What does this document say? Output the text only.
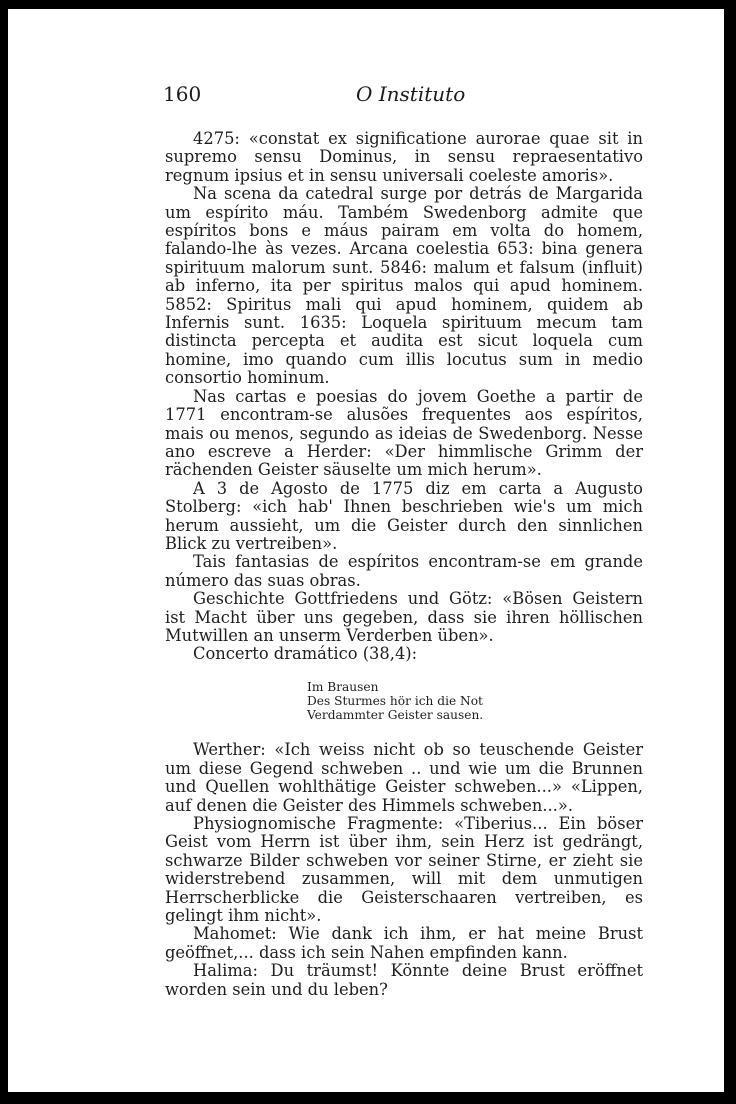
160	O Instituto

4275: «constat ex significatione aurorae quae sit in supremo sensu Dominus, in sensu repraesentativo regnum ipsius et in sensu universali coeleste amoris».

Na scena da catedral surge por detrás de Margarida um espírito máu. Também Swedenborg admite que espíritos bons e máus pairam em volta do homem, falando-lhe às vezes. Arcana coelestia 653: bina genera spirituum malorum sunt. 5846: malum et falsum (influit) ab inferno, ita per spiritus malos qui apud hominem. 5852: Spiritus mali qui apud hominem, quidem ab Infernis sunt. 1635: Loquela spirituum mecum tam distincta percepta et audita est sicut loquela cum homine, imo quando cum illis locutus sum in medio consortio hominum.

Nas cartas e poesias do jovem Goethe a partir de 1771 encontram-se alusões frequentes aos espíritos, mais ou menos, segundo as ideias de Swedenborg. Nesse ano escreve a Herder: «Der himmlische Grimm der rächenden Geister säuselte um mich herum».

A 3 de Agosto de 1775 diz em carta a Augusto Stolberg: «ich hab' Ihnen beschrieben wie's um mich herum aussieht, um die Geister durch den sinnlichen Blick zu vertreiben».

Tais fantasias de espíritos encontram-se em grande número das suas obras.

Geschichte Gottfriedens und Götz: «Bösen Geistern ist Macht über uns gegeben, dass sie ihren höllischen Mutwillen an unserm Verderben üben».

Concerto dramático (38,4):

Im Brausen
Des Sturmes hör ich die Not
Verdammter Geister sausen.

Werther: «Ich weiss nicht ob so teuschende Geister um diese Gegend schweben .. und wie um die Brunnen und Quellen wohlthätige Geister schweben...» «Lippen, auf denen die Geister des Himmels schweben...».

Physiognomische Fragmente: «Tiberius... Ein böser Geist vom Herrn ist über ihm, sein Herz ist gedrängt, schwarze Bilder schweben vor seiner Stirne, er zieht sie widerstrebend zusammen, will mit dem unmutigen Herrscherblicke die Geisterschaaren vertreiben, es gelingt ihm nicht».

Mahomet: Wie dank ich ihm, er hat meine Brust geöffnet,... dass ich sein Nahen empfinden kann.

Halima: Du träumst! Könnte deine Brust eröffnet worden sein und du leben?
